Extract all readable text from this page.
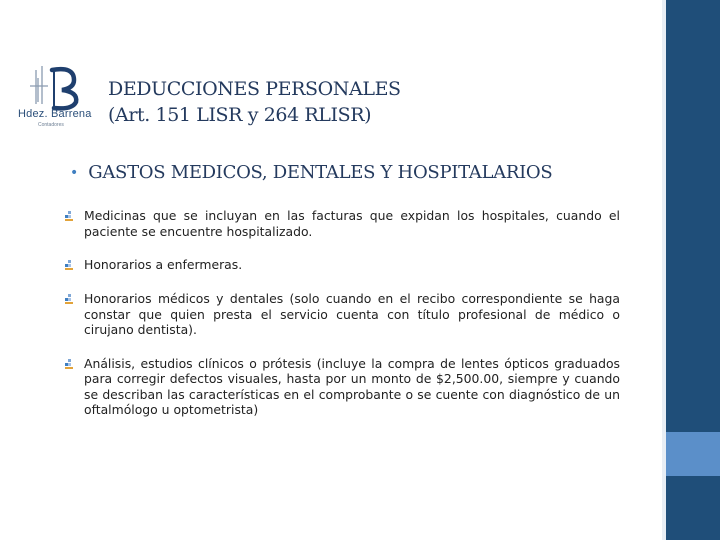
Hdez. Barrena
Contadores
DEDUCCIONES PERSONALES
(Art. 151 LISR y 264 RLISR)
• GASTOS MEDICOS, DENTALES Y HOSPITALARIOS
Medicinas que se incluyan en las facturas que expidan los hospitales, cuando el paciente se encuentre hospitalizado.
Honorarios a enfermeras.
Honorarios médicos y dentales (solo cuando en el recibo correspondiente se haga constar que quien presta el servicio cuenta con título profesional de médico o cirujano dentista).
Análisis, estudios clínicos o prótesis (incluye la compra de lentes ópticos graduados para corregir defectos visuales, hasta por un monto de $2,500.00, siempre y cuando se describan las características en el comprobante o se cuente con diagnóstico de un oftalmólogo u optometrista)
